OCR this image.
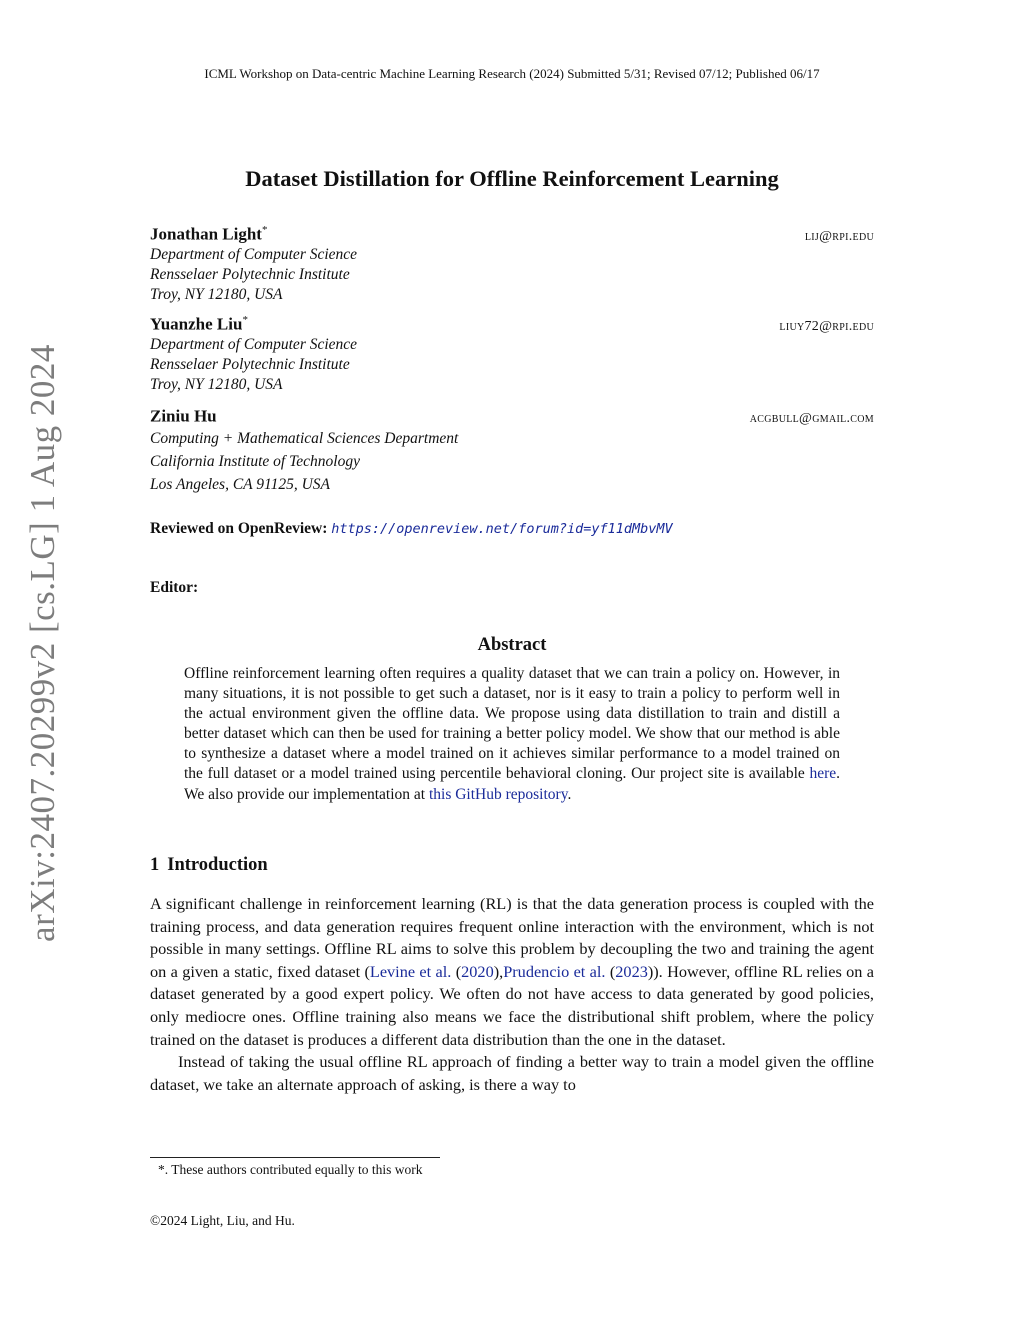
arXiv:2407.20299v2 [cs.LG] 1 Aug 2024
ICML Workshop on Data-centric Machine Learning Research (2024) Submitted 5/31; Revised 07/12; Published 06/17
Dataset Distillation for Offline Reinforcement Learning
Jonathan Light*	lij@rpi.edu
Department of Computer Science
Rensselaer Polytechnic Institute
Troy, NY 12180, USA
Yuanzhe Liu*	liuy72@rpi.edu
Department of Computer Science
Rensselaer Polytechnic Institute
Troy, NY 12180, USA
Ziniu Hu	acgbull@gmail.com
Computing + Mathematical Sciences Department
California Institute of Technology
Los Angeles, CA 91125, USA
Reviewed on OpenReview: https://openreview.net/forum?id=yf11dMbvMV
Editor:
Abstract
Offline reinforcement learning often requires a quality dataset that we can train a policy on. However, in many situations, it is not possible to get such a dataset, nor is it easy to train a policy to perform well in the actual environment given the offline data. We propose using data distillation to train and distill a better dataset which can then be used for training a better policy model. We show that our method is able to synthesize a dataset where a model trained on it achieves similar performance to a model trained on the full dataset or a model trained using percentile behavioral cloning. Our project site is available here. We also provide our implementation at this GitHub repository.
1 Introduction

A significant challenge in reinforcement learning (RL) is that the data generation process is coupled with the training process, and data generation requires frequent online interaction with the environment, which is not possible in many settings. Offline RL aims to solve this problem by decoupling the two and training the agent on a given a static, fixed dataset (Levine et al. (2020),Prudencio et al. (2023)). However, offline RL relies on a dataset generated by a good expert policy. We often do not have access to data generated by good policies, only mediocre ones. Offline training also means we face the distributional shift problem, where the policy trained on the dataset is produces a different data distribution than the one in the dataset.

Instead of taking the usual offline RL approach of finding a better way to train a model given the offline dataset, we take an alternate approach of asking, is there a way to

*. These authors contributed equally to this work
©2024 Light, Liu, and Hu.
